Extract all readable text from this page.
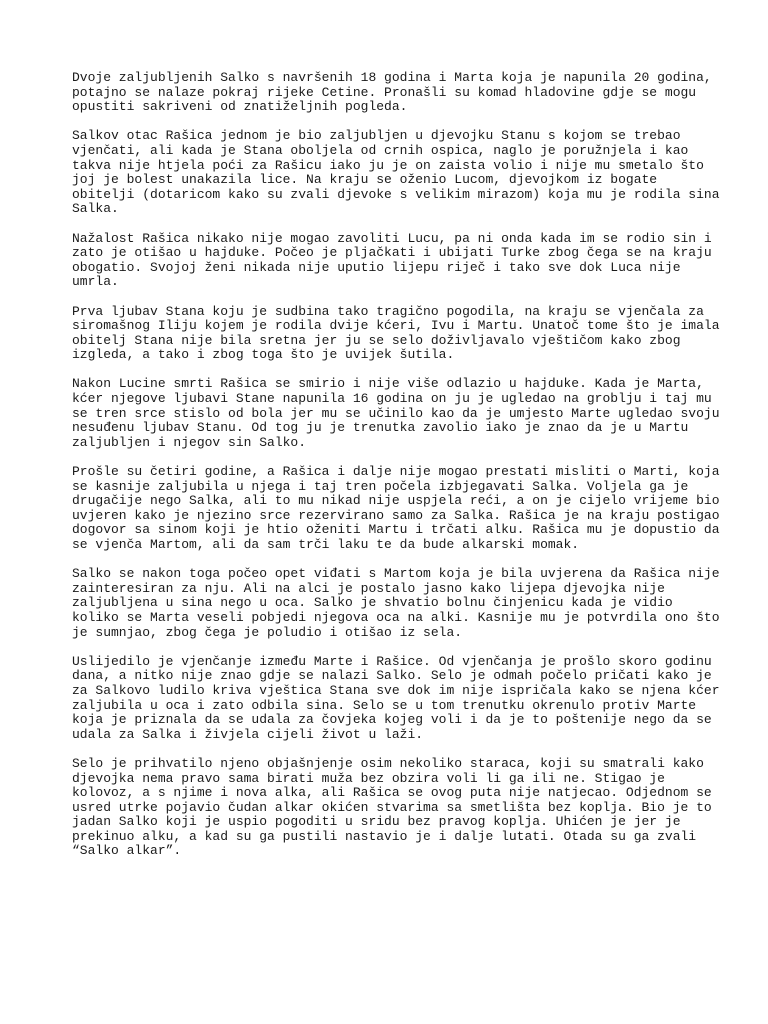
Dvoje zaljubljenih Salko s navršenih 18 godina i Marta koja je napunila 20 godina,
potajno se nalaze pokraj rijeke Cetine. Pronašli su komad hladovine gdje se mogu
opustiti sakriveni od znatiželjnih pogleda.
Salkov otac Rašica jednom je bio zaljubljen u djevojku Stanu s kojom se trebao
vjenčati, ali kada je Stana oboljela od crnih ospica, naglo je poružnjela i kao
takva nije htjela poći za Rašicu iako ju je on zaista volio i nije mu smetalo što
joj je bolest unakazila lice. Na kraju se oženio Lucom, djevojkom iz bogate
obitelji (dotaricom kako su zvali djevoke s velikim mirazom) koja mu je rodila sina
Salka.
Nažalost Rašica nikako nije mogao zavoliti Lucu, pa ni onda kada im se rodio sin i
zato je otišao u hajduke. Počeo je pljačkati i ubijati Turke zbog čega se na kraju
obogatio. Svojoj ženi nikada nije uputio lijepu riječ i tako sve dok Luca nije
umrla.
Prva ljubav Stana koju je sudbina tako tragično pogodila, na kraju se vjenčala za
siromašnog Iliju kojem je rodila dvije kćeri, Ivu i Martu. Unatoč tome što je imala
obitelj Stana nije bila sretna jer ju se selo doživljavalo vještičom kako zbog
izgleda, a tako i zbog toga što je uvijek šutila.
Nakon Lucine smrti Rašica se smirio i nije više odlazio u hajduke. Kada je Marta,
kćer njegove ljubavi Stane napunila 16 godina on ju je ugledao na groblju i taj mu
se tren srce stislo od bola jer mu se učinilo kao da je umjesto Marte ugledao svoju
nesuđenu ljubav Stanu. Od tog ju je trenutka zavolio iako je znao da je u Martu
zaljubljen i njegov sin Salko.
Prošle su četiri godine, a Rašica i dalje nije mogao prestati misliti o Marti, koja
se kasnije zaljubila u njega i taj tren počela izbjegavati Salka. Voljela ga je
drugačije nego Salka, ali to mu nikad nije uspjela reći, a on je cijelo vrijeme bio
uvjeren kako je njezino srce rezervirano samo za Salka. Rašica je na kraju postigao
dogovor sa sinom koji je htio oženiti Martu i trčati alku. Rašica mu je dopustio da
se vjenča Martom, ali da sam trči laku te da bude alkarski momak.
Salko se nakon toga počeo opet viđati s Martom koja je bila uvjerena da Rašica nije
zainteresiran za nju. Ali na alci je postalo jasno kako lijepa djevojka nije
zaljubljena u sina nego u oca. Salko je shvatio bolnu činjenicu kada je vidio
koliko se Marta veseli pobjedi njegova oca na alki. Kasnije mu je potvrdila ono što
je sumnjao, zbog čega je poludio i otišao iz sela.
Uslijedilo je vjenčanje između Marte i Rašice. Od vjenčanja je prošlo skoro godinu
dana, a nitko nije znao gdje se nalazi Salko. Selo je odmah počelo pričati kako je
za Salkovo ludilo kriva vještica Stana sve dok im nije ispričala kako se njena kćer
zaljubila u oca i zato odbila sina. Selo se u tom trenutku okrenulo protiv Marte
koja je priznala da se udala za čovjeka kojeg voli i da je to poštenije nego da se
udala za Salka i živjela cijeli život u laži.
Selo je prihvatilo njeno objašnjenje osim nekoliko staraca, koji su smatrali kako
djevojka nema pravo sama birati muža bez obzira voli li ga ili ne. Stigao je
kolovoz, a s njime i nova alka, ali Rašica se ovog puta nije natjecao. Odjednom se
usred utrke pojavio čudan alkar okićen stvarima sa smetlišta bez koplja. Bio je to
jadan Salko koji je uspio pogoditi u sridu bez pravog koplja. Uhićen je jer je
prekinuo alku, a kad su ga pustili nastavio je i dalje lutati. Otada su ga zvali
“Salko alkar”.
